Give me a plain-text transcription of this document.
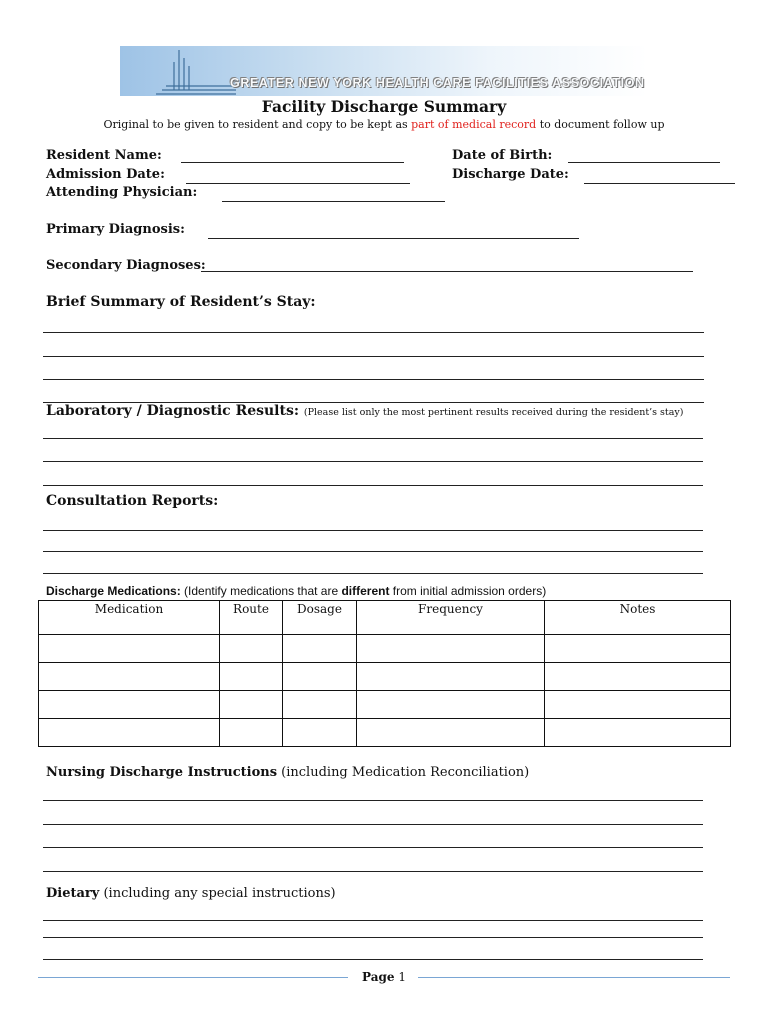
GREATER NEW YORK HEALTH CARE FACILITIES ASSOCIATION
Facility Discharge Summary
Original to be given to resident and copy to be kept as part of medical record to document follow up
Resident Name:	Date of Birth:
Admission Date:	Discharge Date:
Attending Physician:
Primary Diagnosis:
Secondary Diagnoses:
Brief Summary of Resident’s Stay:
Laboratory / Diagnostic Results: (Please list only the most pertinent results received during the resident’s stay)
Consultation Reports:
Discharge Medications: (Identify medications that are different from initial admission orders)
Medication	Route	Dosage	Frequency	Notes

Nursing Discharge Instructions (including Medication Reconciliation)
Dietary (including any special instructions)
Page 1
